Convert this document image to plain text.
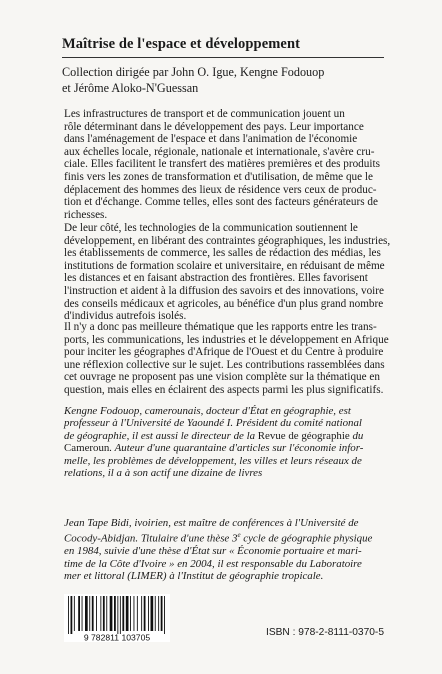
Maîtrise de l'espace et développement
Collection dirigée par John O. Igue, Kengne Fodouop
et Jérôme Aloko-N'Guessan
Les infrastructures de transport et de communication jouent un
rôle déterminant dans le développement des pays. Leur importance
dans l'aménagement de l'espace et dans l'animation de l'économie
aux échelles locale, régionale, nationale et internationale, s'avère cru-
ciale. Elles facilitent le transfert des matières premières et des produits
finis vers les zones de transformation et d'utilisation, de même que le
déplacement des hommes des lieux de résidence vers ceux de produc-
tion et d'échange. Comme telles, elles sont des facteurs générateurs de
richesses.
De leur côté, les technologies de la communication soutiennent le
développement, en libérant des contraintes géographiques, les industries,
les établissements de commerce, les salles de rédaction des médias, les
institutions de formation scolaire et universitaire, en réduisant de même
les distances et en faisant abstraction des frontières. Elles favorisent
l'instruction et aident à la diffusion des savoirs et des innovations, voire
des conseils médicaux et agricoles, au bénéfice d'un plus grand nombre
d'individus autrefois isolés.
Il n'y a donc pas meilleure thématique que les rapports entre les trans-
ports, les communications, les industries et le développement en Afrique
pour inciter les géographes d'Afrique de l'Ouest et du Centre à produire
une réflexion collective sur le sujet. Les contributions rassemblées dans
cet ouvrage ne proposent pas une vision complète sur la thématique en
question, mais elles en éclairent des aspects parmi les plus significatifs.
Kengne Fodouop, camerounais, docteur d'État en géographie, est
professeur à l'Université de Yaoundé I. Président du comité national
de géographie, il est aussi le directeur de la Revue de géographie du
Cameroun. Auteur d'une quarantaine d'articles sur l'économie infor-
melle, les problèmes de développement, les villes et leurs réseaux de
relations, il a à son actif une dizaine de livres
Jean Tape Bidi, ivoirien, est maître de conférences à l'Université de
Cocody-Abidjan. Titulaire d'une thèse 3e cycle de géographie physique
en 1984, suivie d'une thèse d'État sur « Économie portuaire et mari-
time de la Côte d'Ivoire » en 2004, il est responsable du Laboratoire
mer et littoral (LIMER) à l'Institut de géographie tropicale.
9 782811 103705	ISBN : 978-2-8111-0370-5
